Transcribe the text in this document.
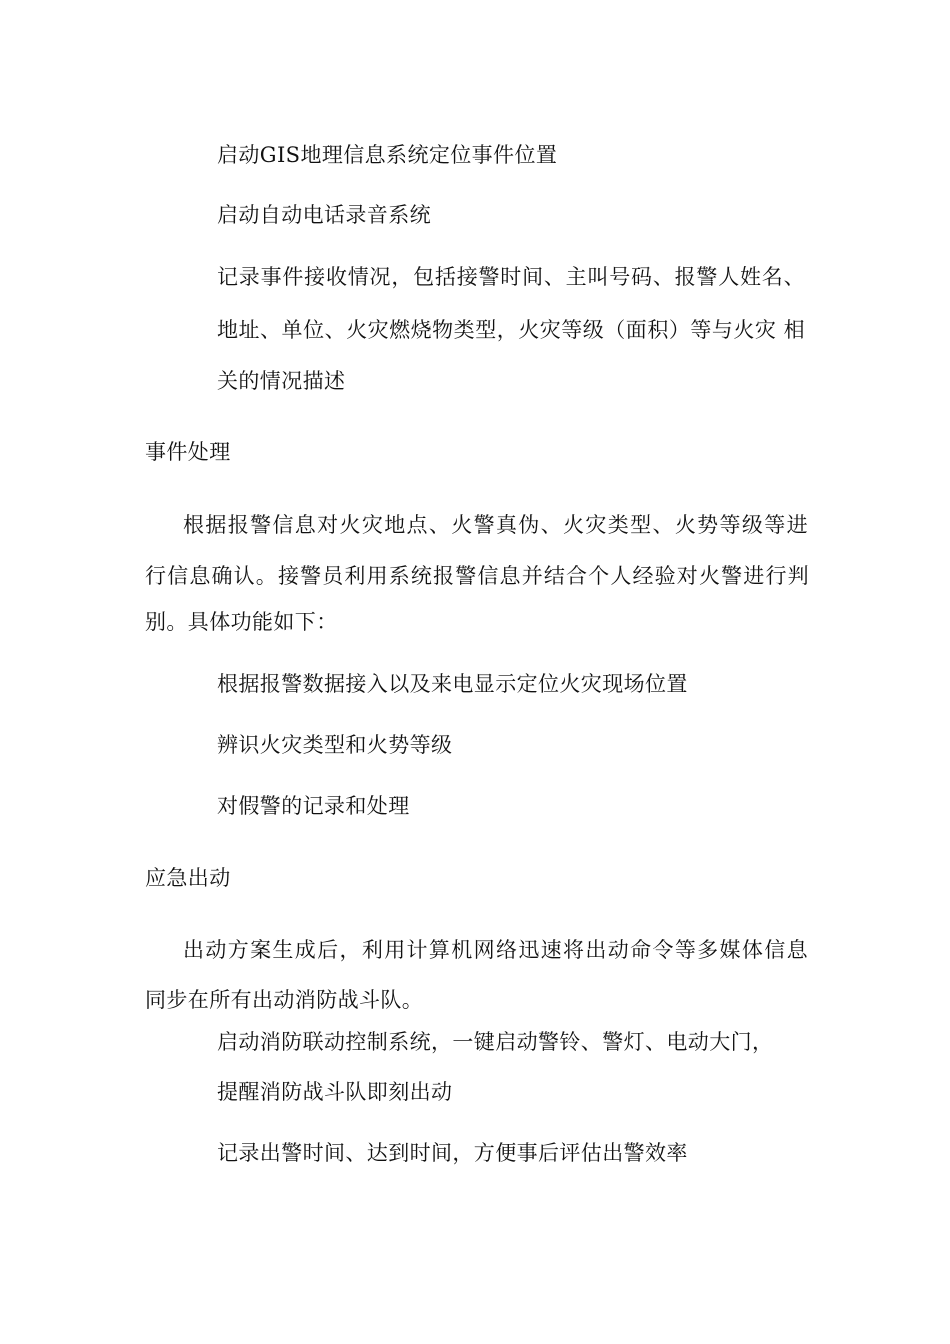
启动GIS地理信息系统定位事件位置
启动自动电话录音系统
记录事件接收情况，包括接警时间、主叫号码、报警人姓名、
地址、单位、火灾燃烧物类型，火灾等级（面积）等与火灾 相
关的情况描述
事件处理
根据报警信息对火灾地点、火警真伪、火灾类型、火势等级等进
行信息确认。接警员利用系统报警信息并结合个人经验对火警进行判
别。具体功能如下：
根据报警数据接入以及来电显示定位火灾现场位置
辨识火灾类型和火势等级
对假警的记录和处理
应急出动
出动方案生成后，利用计算机网络迅速将出动命令等多媒体信息
同步在所有出动消防战斗队。
启动消防联动控制系统，一键启动警铃、警灯、电动大门，
提醒消防战斗队即刻出动
记录出警时间、达到时间，方便事后评估出警效率
